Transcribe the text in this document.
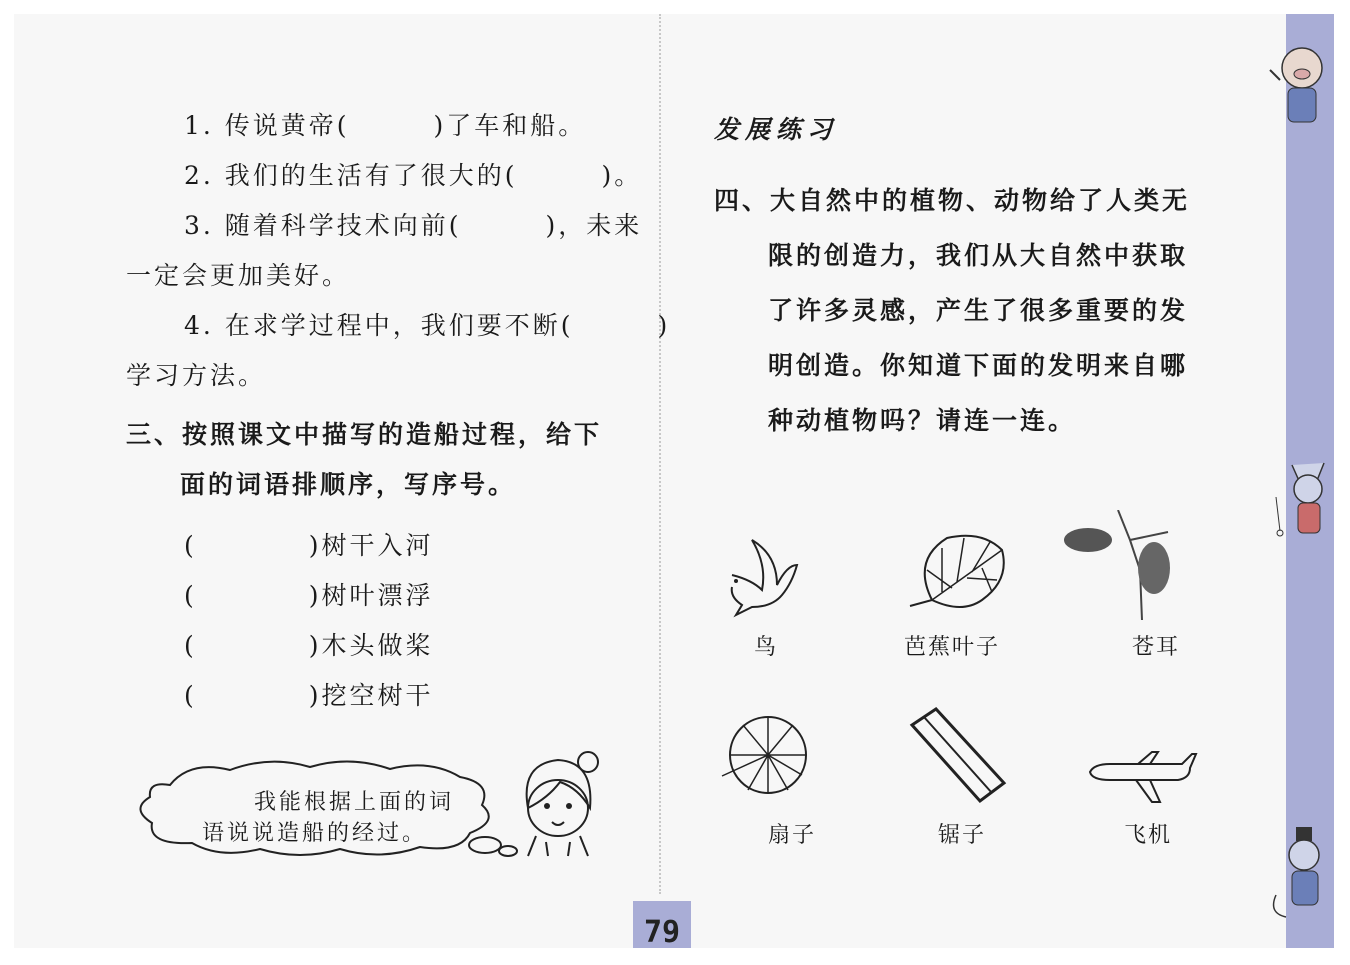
1. 传说黄帝(　　　)了车和船。
2. 我们的生活有了很大的(　　　)。
3. 随着科学技术向前(　　　)，未来
一定会更加美好。
4. 在求学过程中，我们要不断(　　　)
学习方法。
三、按照课文中描写的造船过程，给下
面的词语排顺序，写序号。
(　　　　)树干入河
(　　　　)树叶漂浮
(　　　　)木头做桨
(　　　　)挖空树干
我能根据上面的词
语说说造船的经过。
发展练习
四、大自然中的植物、动物给了人类无
限的创造力，我们从大自然中获取
了许多灵感，产生了很多重要的发
明创造。你知道下面的发明来自哪
种动植物吗？请连一连。
鸟	芭蕉叶子	苍耳
扇子	锯子	飞机
79
